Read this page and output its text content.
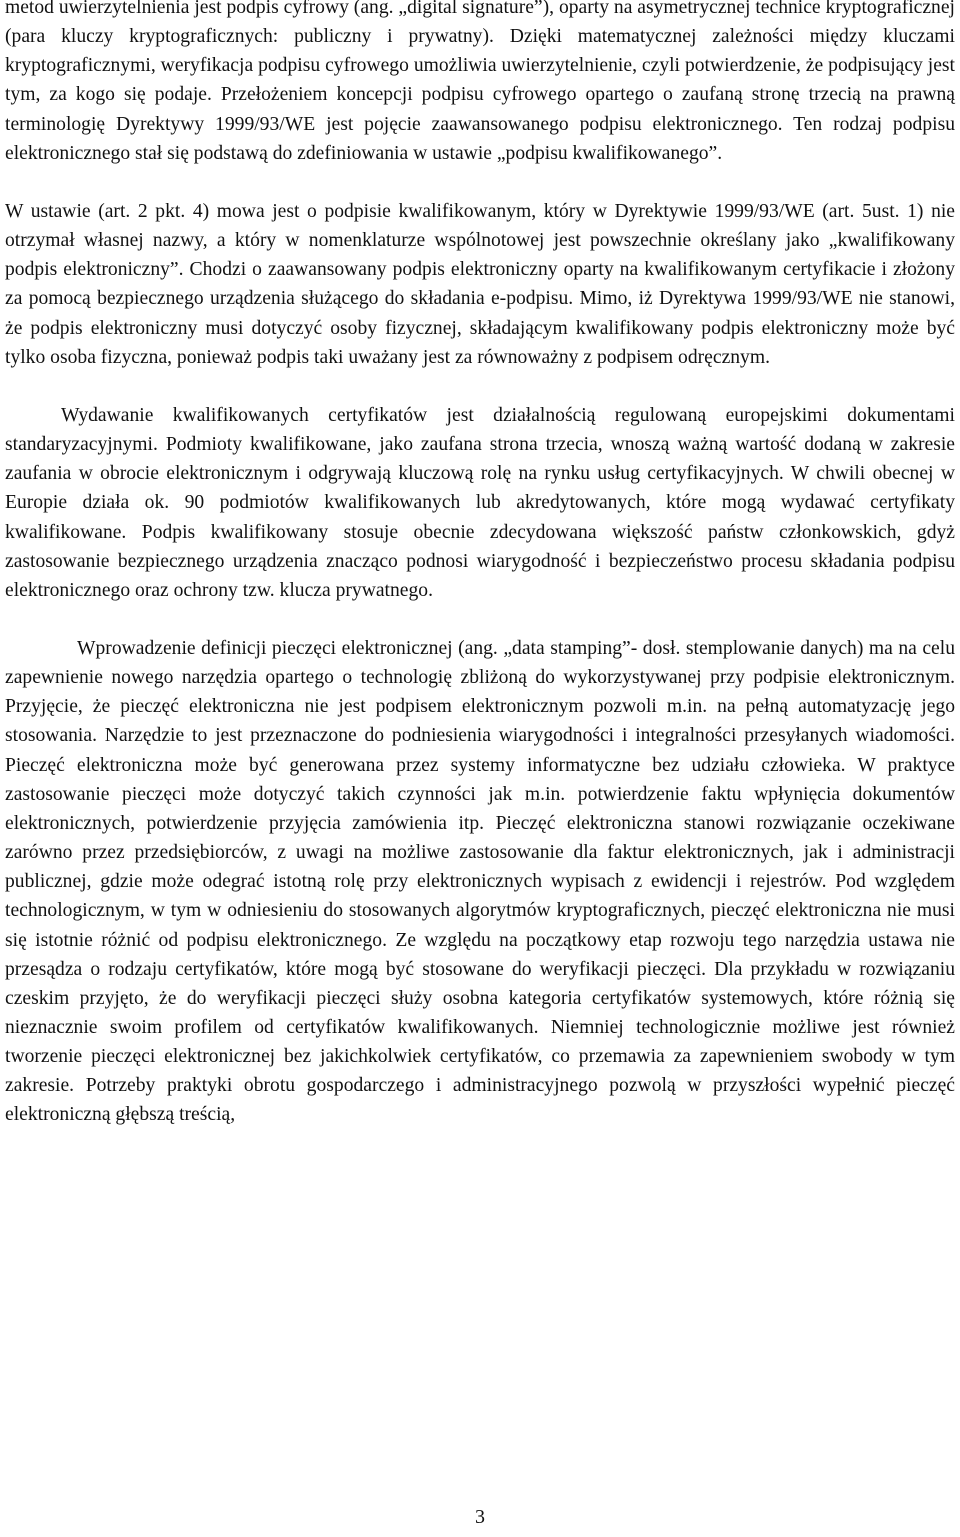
metod uwierzytelnienia jest podpis cyfrowy (ang. „digital signature”), oparty na asymetrycznej technice kryptograficznej (para kluczy kryptograficznych: publiczny i prywatny). Dzięki matematycznej zależności między kluczami kryptograficznymi, weryfikacja podpisu cyfrowego umożliwia uwierzytelnienie, czyli potwierdzenie, że podpisujący jest tym, za kogo się podaje. Przełożeniem koncepcji podpisu cyfrowego opartego o zaufaną stronę trzecią na prawną terminologię Dyrektywy 1999/93/WE jest pojęcie zaawansowanego podpisu elektronicznego. Ten rodzaj podpisu elektronicznego stał się podstawą do zdefiniowania w ustawie „podpisu kwalifikowanego”.

W ustawie (art. 2 pkt. 4) mowa jest o podpisie kwalifikowanym, który w Dyrektywie 1999/93/WE (art. 5ust. 1) nie otrzymał własnej nazwy, a który w nomenklaturze wspólnotowej jest powszechnie określany jako „kwalifikowany podpis elektroniczny”. Chodzi o zaawansowany podpis elektroniczny oparty na kwalifikowanym certyfikacie i złożony za pomocą bezpiecznego urządzenia służącego do składania e-podpisu. Mimo, iż Dyrektywa 1999/93/WE nie stanowi, że podpis elektroniczny musi dotyczyć osoby fizycznej, składającym kwalifikowany podpis elektroniczny może być tylko osoba fizyczna, ponieważ podpis taki uważany jest za równoważny z podpisem odręcznym.

Wydawanie kwalifikowanych certyfikatów jest działalnością regulowaną europejskimi dokumentami standaryzacyjnymi. Podmioty kwalifikowane, jako zaufana strona trzecia, wnoszą ważną wartość dodaną w zakresie zaufania w obrocie elektronicznym i odgrywają kluczową rolę na rynku usług certyfikacyjnych. W chwili obecnej w Europie działa ok. 90 podmiotów kwalifikowanych lub akredytowanych, które mogą wydawać certyfikaty kwalifikowane. Podpis kwalifikowany stosuje obecnie zdecydowana większość państw członkowskich, gdyż zastosowanie bezpiecznego urządzenia znacząco podnosi wiarygodność i bezpieczeństwo procesu składania podpisu elektronicznego oraz ochrony tzw. klucza prywatnego.

Wprowadzenie definicji pieczęci elektronicznej (ang. „data stamping”- dosł. stemplowanie danych) ma na celu zapewnienie nowego narzędzia opartego o technologię zbliżoną do wykorzystywanej przy podpisie elektronicznym. Przyjęcie, że pieczęć elektroniczna nie jest podpisem elektronicznym pozwoli m.in. na pełną automatyzację jego stosowania. Narzędzie to jest przeznaczone do podniesienia wiarygodności i integralności przesyłanych wiadomości. Pieczęć elektroniczna może być generowana przez systemy informatyczne bez udziału człowieka. W praktyce zastosowanie pieczęci może dotyczyć takich czynności jak m.in. potwierdzenie faktu wpłynięcia dokumentów elektronicznych, potwierdzenie przyjęcia zamówienia itp. Pieczęć elektroniczna stanowi rozwiązanie oczekiwane zarówno przez przedsiębiorców, z uwagi na możliwe zastosowanie dla faktur elektronicznych, jak i administracji publicznej, gdzie może odegrać istotną rolę przy elektronicznych wypisach z ewidencji i rejestrów. Pod względem technologicznym, w tym w odniesieniu do stosowanych algorytmów kryptograficznych, pieczęć elektroniczna nie musi się istotnie różnić od podpisu elektronicznego. Ze względu na początkowy etap rozwoju tego narzędzia ustawa nie przesądza o rodzaju certyfikatów, które mogą być stosowane do weryfikacji pieczęci. Dla przykładu w rozwiązaniu czeskim przyjęto, że do weryfikacji pieczęci służy osobna kategoria certyfikatów systemowych, które różnią się nieznacznie swoim profilem od certyfikatów kwalifikowanych. Niemniej technologicznie możliwe jest również tworzenie pieczęci elektronicznej bez jakichkolwiek certyfikatów, co przemawia za zapewnieniem swobody w tym zakresie. Potrzeby praktyki obrotu gospodarczego i administracyjnego pozwolą w przyszłości wypełnić pieczęć elektroniczną głębszą treścią,

3
